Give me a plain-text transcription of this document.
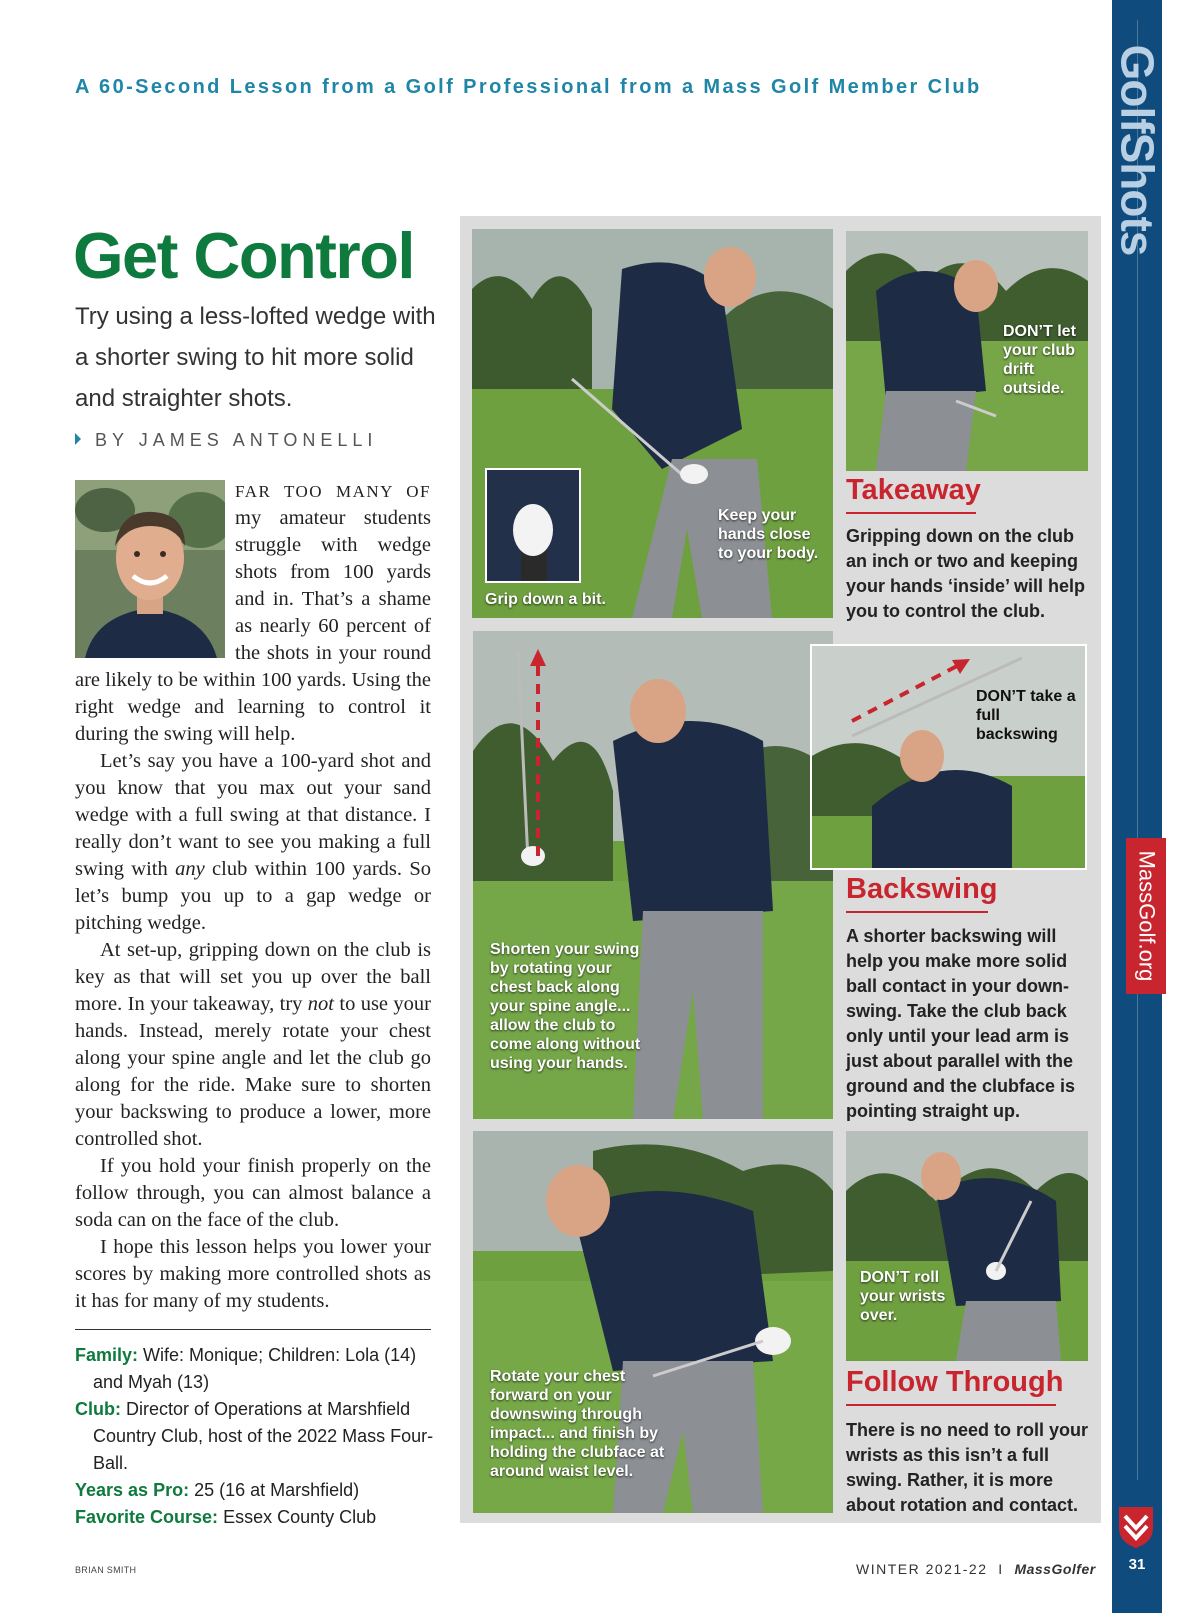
A 60-Second Lesson from a Golf Professional from a Mass Golf Member Club	GolfShots
MassGolf.org
31
Get Control
Try using a less-lofted wedge with a shorter swing to hit more solid and straighter shots.
BY JAMES ANTONELLI

FAR TOO MANY OF my amateur students struggle with wedge shots from 100 yards and in. That’s a shame as nearly 60 percent of the shots in your round are likely to be within 100 yards. Using the right wedge and learning to control it during the swing will help.

Let’s say you have a 100-yard shot and you know that you max out your sand wedge with a full swing at that distance. I really don’t want to see you making a full swing with any club within 100 yards. So let’s bump you up to a gap wedge or pitching wedge.

At set-up, gripping down on the club is key as that will set you up over the ball more. In your takeaway, try not to use your hands. Instead, merely rotate your chest along your spine angle and let the club go along for the ride. Make sure to shorten your backswing to produce a lower, more controlled shot.

If you hold your finish properly on the follow through, you can almost balance a soda can on the face of the club.

I hope this lesson helps you lower your scores by making more controlled shots as it has for many of my students.

Family: Wife: Monique; Children: Lola (14) and Myah (13)
Club: Director of Operations at Marshfield Country Club, host of the 2022 Mass Four-Ball.
Years as Pro: 25 (16 at Marshfield)
Favorite Course: Essex County Club
BRIAN SMITH	WINTER 2021-22 I MassGolfer
Grip down a bit.
Keep your hands close to your body.
DON’T let your club drift outside.
Takeaway
Gripping down on the club an inch or two and keeping your hands ‘inside’ will help you to control the club.
Shorten your swing by rotating your chest back along your spine angle... allow the club to come along without using your hands.
DON’T take a full backswing
Backswing
A shorter backswing will help you make more solid ball contact in your down-swing. Take the club back only until your lead arm is just about parallel with the ground and the clubface is pointing straight up.
Rotate your chest forward on your downswing through impact... and finish by holding the clubface at around waist level.
DON’T roll your wrists over.
Follow Through
There is no need to roll your wrists as this isn’t a full swing. Rather, it is more about rotation and contact.
